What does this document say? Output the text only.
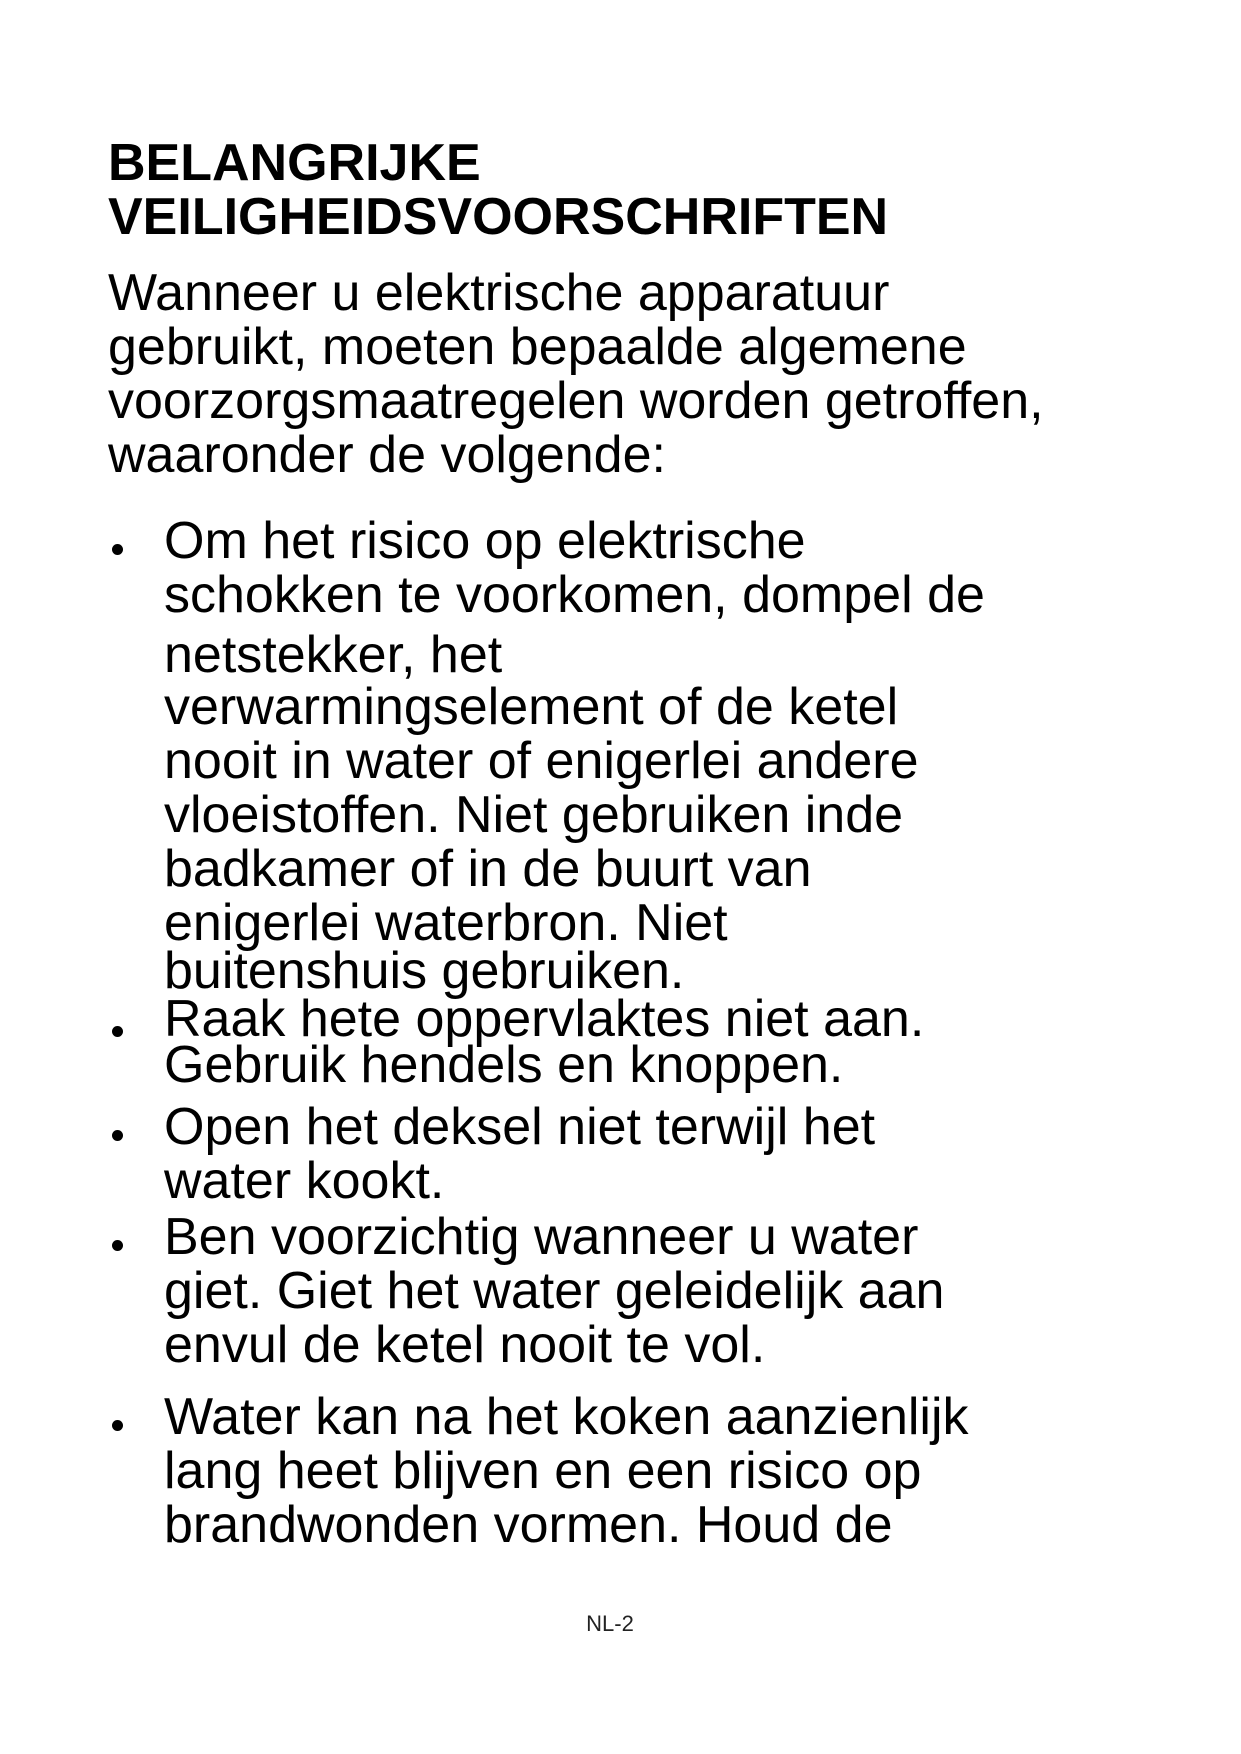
BELANGRIJKE
VEILIGHEIDSVOORSCHRIFTEN

Wanneer u elektrische apparatuur
gebruikt, moeten bepaalde algemene
voorzorgsmaatregelen worden getroffen,
waaronder de volgende:

Om het risico op elektrische
schokken te voorkomen, dompel de
netstekker, het
verwarmingselement of de ketel
nooit in water of enigerlei andere
vloeistoffen. Niet gebruiken inde
badkamer of in de buurt van
enigerlei waterbron. Niet
buitenshuis gebruiken.
Raak hete oppervlaktes niet aan.
Gebruik hendels en knoppen.
Open het deksel niet terwijl het
water kookt.
Ben voorzichtig wanneer u water
giet. Giet het water geleidelijk aan
envul de ketel nooit te vol.
Water kan na het koken aanzienlijk
lang heet blijven en een risico op
brandwonden vormen. Houd de
NL-2
